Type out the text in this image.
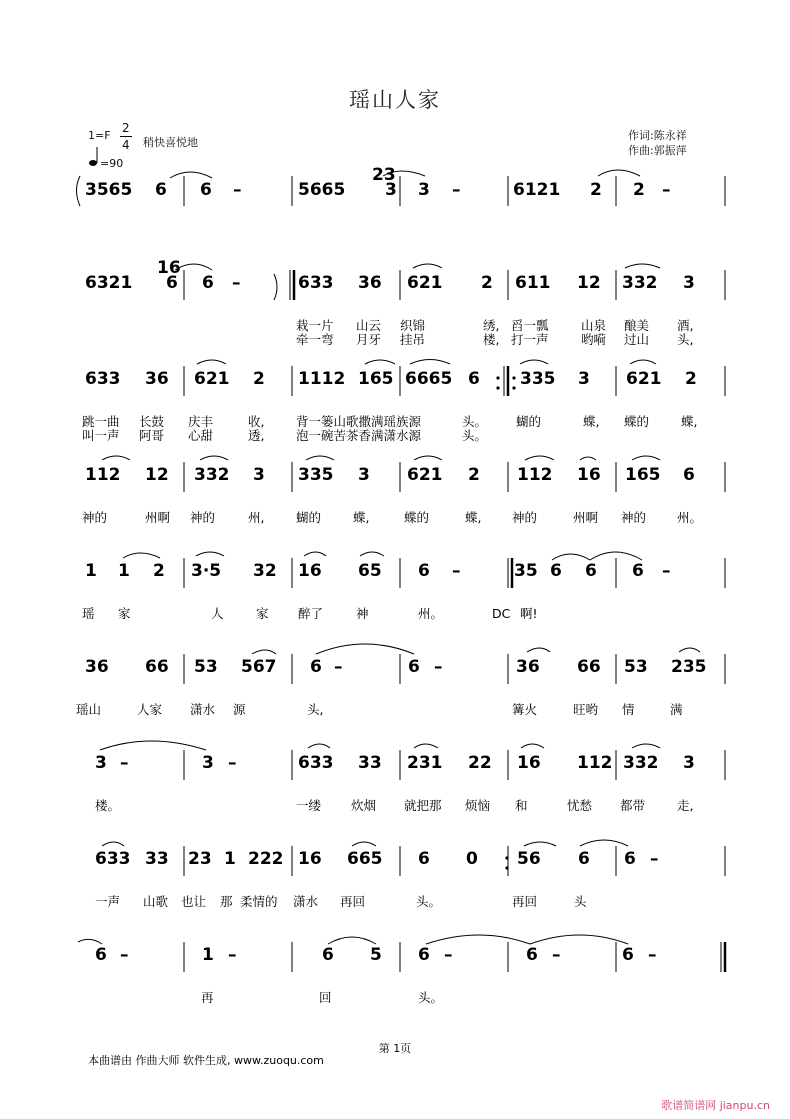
瑶山人家
1=F
2
4 稍快喜悦地
=90
作词:陈永祥
作曲:郭振萍
3565 6 6 –	5665 3 3 –	6121 2 2 –
23
6321 6 6 –	633 36 621 2 611 12 332 3
16
栽一片 山云 织锦	绣, 舀一瓢	山泉 酿美 酒,
牵一弯 月牙 挂吊	楼, 打一声	哟嗬 过山 头,
633 36 621 2 1112 165 6665 6 335 3 621 2
跳一曲 长鼓 庆丰	收,	背一篓山歌撒满瑶族源	头。 蝴的	蝶, 蝶的	蝶,
叫一声 阿哥 心甜	透,	泡一碗苦茶香满潇水源	头。
112 12 332 3 335 3 621 2 112 16 165 6
神的	州啊 神的	州,	蝴的	蝶,	蝶的	蝶, 神的	州啊 神的 州。
1 1 2 3·5 32 16 65 6 –	35 6 6 6 –
瑶 家	人	家 醉了	神	州。	DC 啊!
36 66 53 567 6 –	6 –	36 66 53 235
瑶山	人家 潇水 源	头,	篝火	旺哟 情	满
3 –	3 –	633 33 231 22 16 112 332 3
楼。	一缕 炊烟 就把那 烦恼 和	忧愁 都带	走,
633 33 23 1 222 16 665 6 0 56 6 6 –
一声 山歌 也让 那 柔情的 潇水 再回	头。	再回	头
6 –	1 –	6 5 6 –	6 –	6 –
再	回	头。
第 1页
本曲谱由 作曲大师 软件生成, www.zuoqu.com
歌谱简谱网 jianpu.cn
